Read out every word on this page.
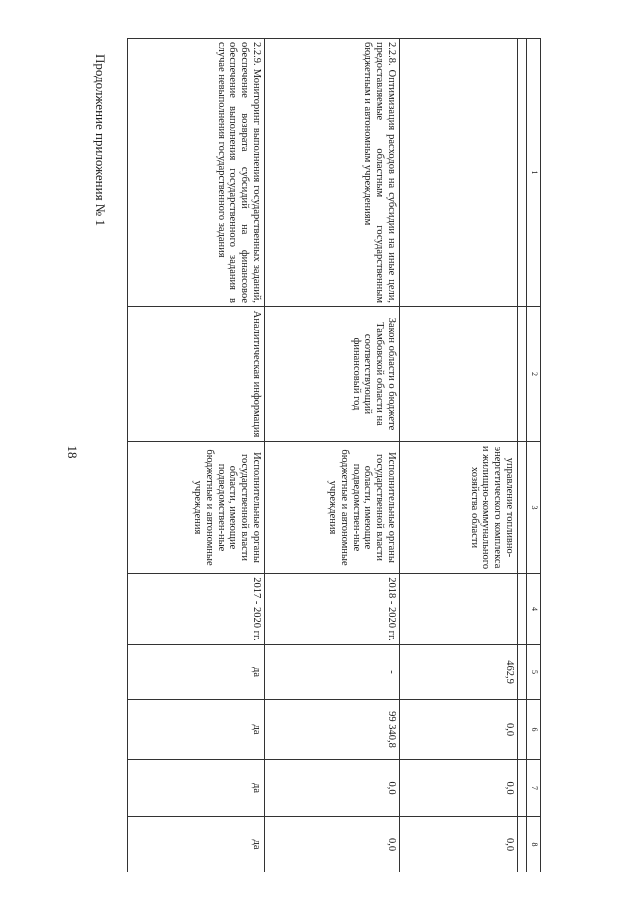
18
Продолжение приложения № 1	1	2	3	4	5	6	7	8

		управление топливно-энергетического комплекса и жилищно-коммунального хозяйства области		462,9	0,0	0,0	0,0
2.2.8. Оптимизация расходов на субсидии на иные цели, предоставляемые областным государственным бюджетным и автономным учреждениям	Закон области о бюджете Тамбовской области на соответствующий финансовый год	Исполнительные органы государственной власти области, имеющие подведомствен-ные бюджетные и автономные учреждения	2018 - 2020 гг.	-	99 340,8	0,0	0,0
2.2.9. Мониторинг выполнения государственных заданий, обеспечение возврата субсидий на финансовое обеспечение выполнения государственного задания в случае невыполнения государственного задания	Аналитическая информация	Исполнительные органы государственной власти области, имеющие подведомствен-ные бюджетные и автономные учреждения	2017 - 2020 гг.	да	да	да	да
